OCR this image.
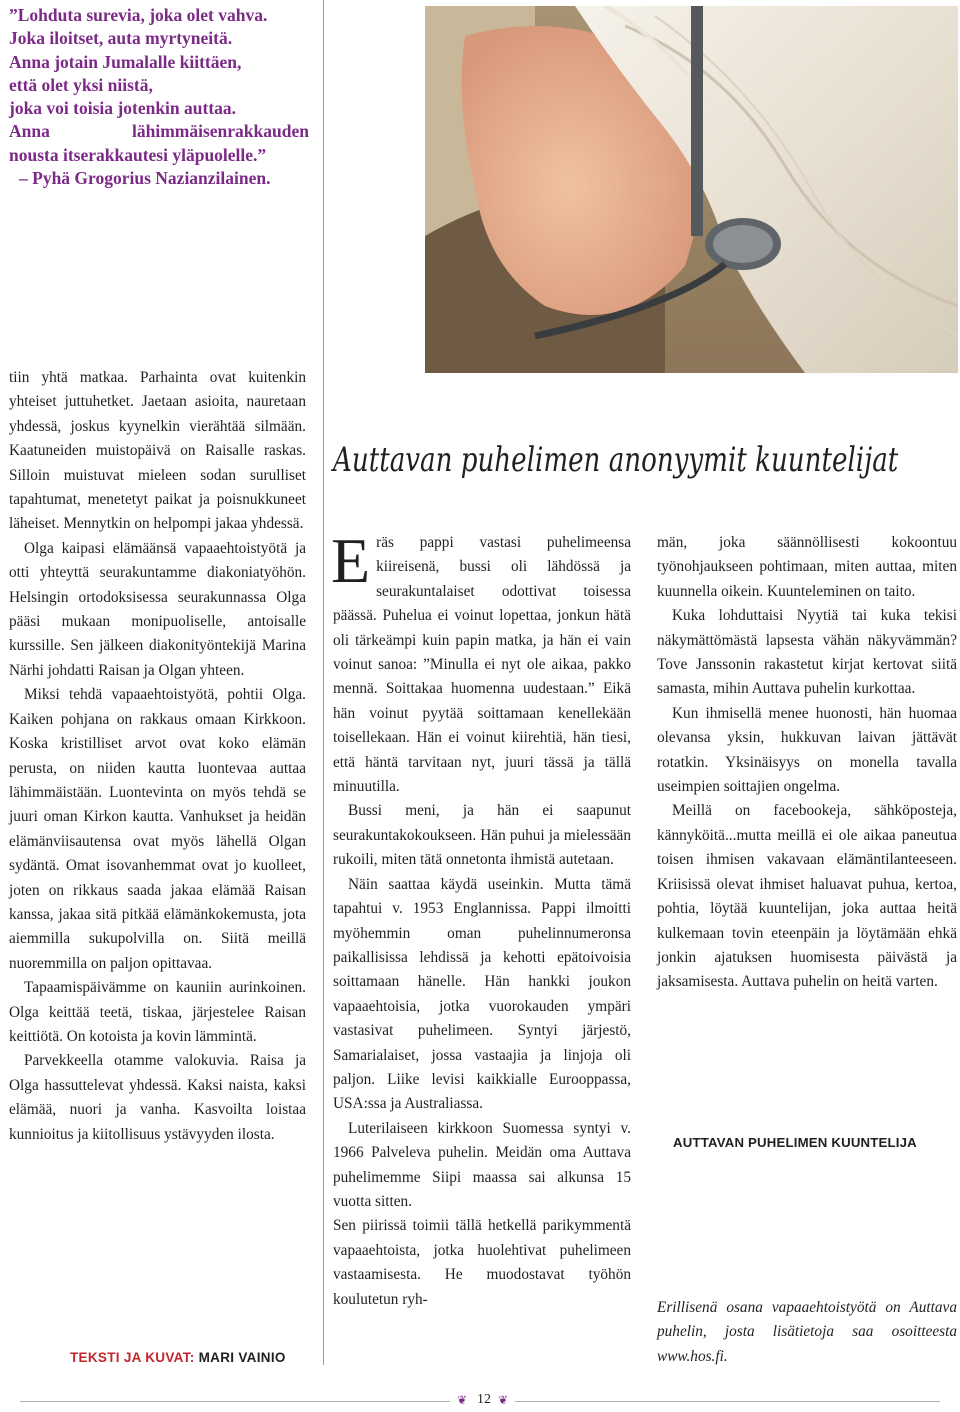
”Lohduta surevia, joka olet vahva.
Joka iloitset, auta myrtyneitä.
Anna jotain Jumalalle kiittäen,
että olet yksi niistä,
joka voi toisia jotenkin auttaa.
Anna lähimmäisenrakkauden
nousta itserakkautesi yläpuolelle.”
– Pyhä Grogorius Nazianzilainen.
Auttavan puhelimen anonyymit kuuntelijat

tiin yhtä matkaa. Parhainta ovat kuitenkin yhteiset juttuhetket. Jaetaan asioita, nauretaan yhdessä, joskus kyynelkin vierähtää silmään. Kaatuneiden muistopäivä on Raisalle raskas. Silloin muistuvat mieleen sodan surulliset tapahtumat, menetetyt paikat ja poisnukkuneet läheiset. Mennytkin on helpompi jakaa yhdessä.

Olga kaipasi elämäänsä vapaaehtoistyötä ja otti yhteyttä seurakuntamme diakoniatyöhön. Helsingin ortodoksisessa seurakunnassa Olga pääsi mukaan monipuoliselle, antoisalle kurssille. Sen jälkeen diakonityöntekijä Marina Närhi johdatti Raisan ja Olgan yhteen.

Miksi tehdä vapaaehtoistyötä, pohtii Olga. Kaiken pohjana on rakkaus omaan Kirkkoon. Koska kristilliset arvot ovat koko elämän perusta, on niiden kautta luontevaa auttaa lähimmäistään. Luontevinta on myös tehdä se juuri oman Kirkon kautta. Vanhukset ja heidän elämänviisautensa ovat myös lähellä Olgan sydäntä. Omat isovanhemmat ovat jo kuolleet, joten on rikkaus saada jakaa elämää Raisan kanssa, jakaa sitä pitkää elämänkokemusta, jota aiemmilla sukupolvilla on. Siitä meillä nuoremmilla on paljon opittavaa.

Tapaamispäivämme on kauniin aurinkoinen. Olga keittää teetä, tiskaa, järjestelee Raisan keittiötä. On kotoista ja kovin lämmintä.

Parvekkeella otamme valokuvia. Raisa ja Olga hassuttelevat yhdessä. Kaksi naista, kaksi elämää, nuori ja vanha. Kasvoilta loistaa kunnioitus ja kiitollisuus ystävyyden ilosta.

TEKSTI JA KUVAT: MARI VAINIO

Eräs pappi vastasi puhelimeensa kiireisenä, bussi oli lähdössä ja seurakuntalaiset odottivat toisessa päässä. Puhelua ei voinut lopettaa, jonkun hätä oli tärkeämpi kuin papin matka, ja hän ei vain voinut sanoa: ”Minulla ei nyt ole aikaa, pakko mennä. Soittakaa huomenna uudestaan.” Eikä hän voinut pyytää soittamaan kenellekään toisellekaan. Hän ei voinut kiirehtiä, hän tiesi, että häntä tarvitaan nyt, juuri tässä ja tällä minuutilla.

Bussi meni, ja hän ei saapunut seurakuntakokoukseen. Hän puhui ja mielessään rukoili, miten tätä onnetonta ihmistä autetaan.

Näin saattaa käydä useinkin. Mutta tämä tapahtui v. 1953 Englannissa. Pappi ilmoitti myöhemmin oman puhelinnumeronsa paikallisissa lehdissä ja kehotti epätoivoisia soittamaan hänelle. Hän hankki joukon vapaaehtoisia, jotka vuorokauden ympäri vastasivat puhelimeen. Syntyi järjestö, Samarialaiset, jossa vastaajia ja linjoja oli paljon. Liike levisi kaikkialle Eurooppassa, USA:ssa ja Australiassa.

Luterilaiseen kirkkoon Suomessa syntyi v. 1966 Palveleva puhelin. Meidän oma Auttava puhelimemme Siipi maassa sai alkunsa 15 vuotta sitten.

Sen piirissä toimii tällä hetkellä parikymmentä vapaaehtoista, jotka huolehtivat puhelimeen vastaamisesta. He muodostavat työhön koulutetun ryh-

män, joka säännöllisesti kokoontuu työnohjaukseen pohtimaan, miten auttaa, miten kuunnella oikein. Kuunteleminen on taito.

Kuka lohduttaisi Nyytiä tai kuka tekisi näkymättömästä lapsesta vähän näkyvämmän? Tove Janssonin rakastetut kirjat kertovat siitä samasta, mihin Auttava puhelin kurkottaa.

Kun ihmisellä menee huonosti, hän huomaa olevansa yksin, hukkuvan laivan jättävät rotatkin. Yksinäisyys on monella tavalla useimpien soittajien ongelma.

Meillä on facebookeja, sähköposteja, kännyköitä...mutta meillä ei ole aikaa paneutua toisen ihmisen vakavaan elämäntilanteeseen. Kriisissä olevat ihmiset haluavat puhua, kertoa, pohtia, löytää kuuntelijan, joka auttaa heitä kulkemaan tovin eteenpäin ja löytämään ehkä jonkin ajatuksen huomisesta päivästä ja jaksamisesta. Auttava puhelin on heitä varten.

AUTTAVAN PUHELIMEN KUUNTELIJA

Erillisenä osana vapaaehtoistyötä on Auttava puhelin, josta lisätietoja saa osoitteesta www.hos.fi.

❦ 12 ❦
